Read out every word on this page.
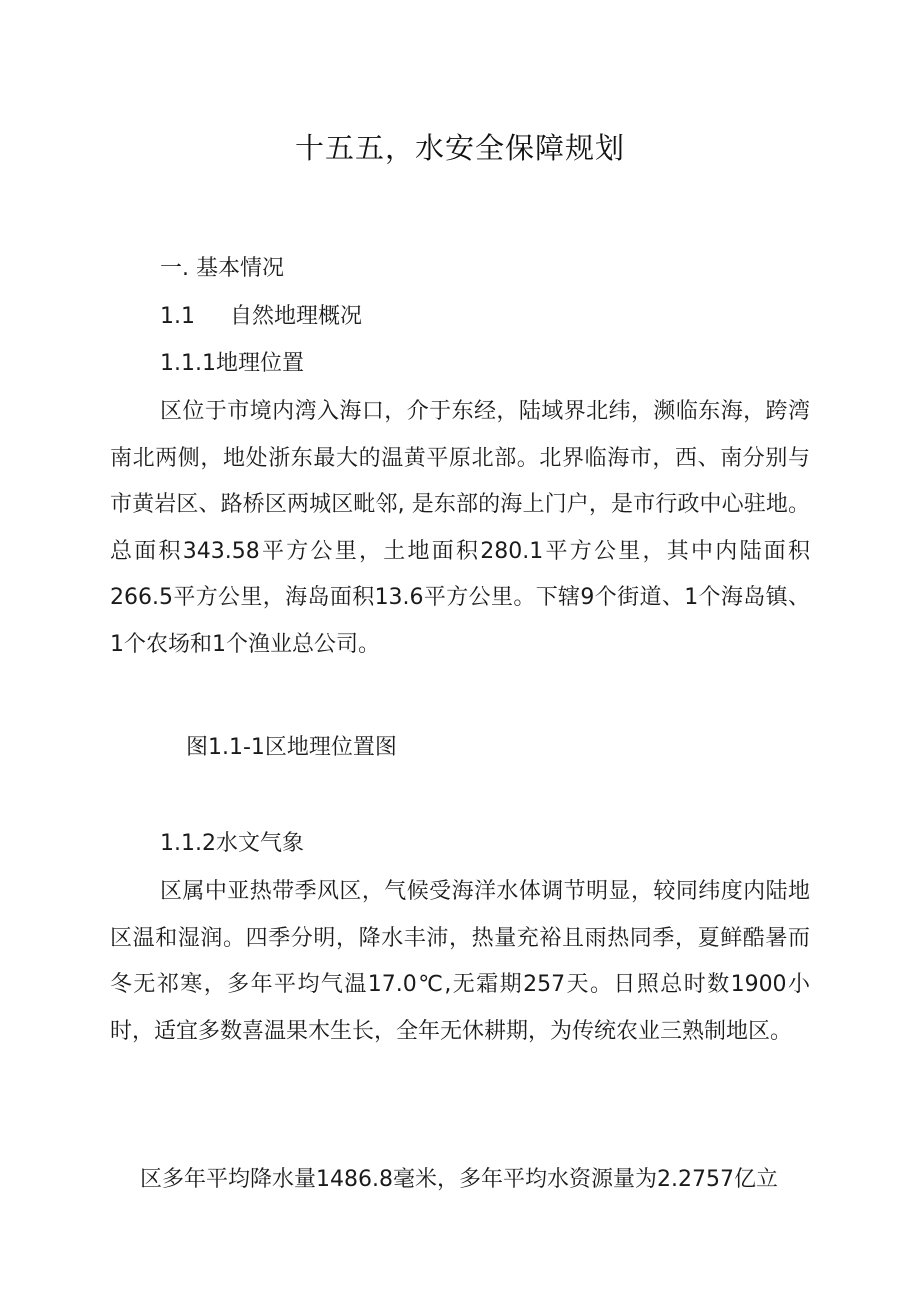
十五五，水安全保障规划
一. 基本情况
1.1 自然地理概况
1.1.1地理位置
区位于市境内湾入海口，介于东经，陆域界北纬，濒临东海，跨湾南北两侧，地处浙东最大的温黄平原北部。北界临海市，西、南分别与市黄岩区、路桥区两城区毗邻, 是东部的海上门户，是市行政中心驻地。总面积343.58平方公里，土地面积280.1平方公里，其中内陆面积266.5平方公里，海岛面积13.6平方公里。下辖9个街道、1个海岛镇、1个农场和1个渔业总公司。
图1.1-1区地理位置图
1.1.2水文气象
区属中亚热带季风区，气候受海洋水体调节明显，较同纬度内陆地区温和湿润。四季分明，降水丰沛，热量充裕且雨热同季，夏鲜酷暑而冬无祁寒，多年平均气温17.0℃,无霜期257天。日照总时数1900小时，适宜多数喜温果木生长，全年无休耕期，为传统农业三熟制地区。
区多年平均降水量1486.8毫米，多年平均水资源量为2.2757亿立
